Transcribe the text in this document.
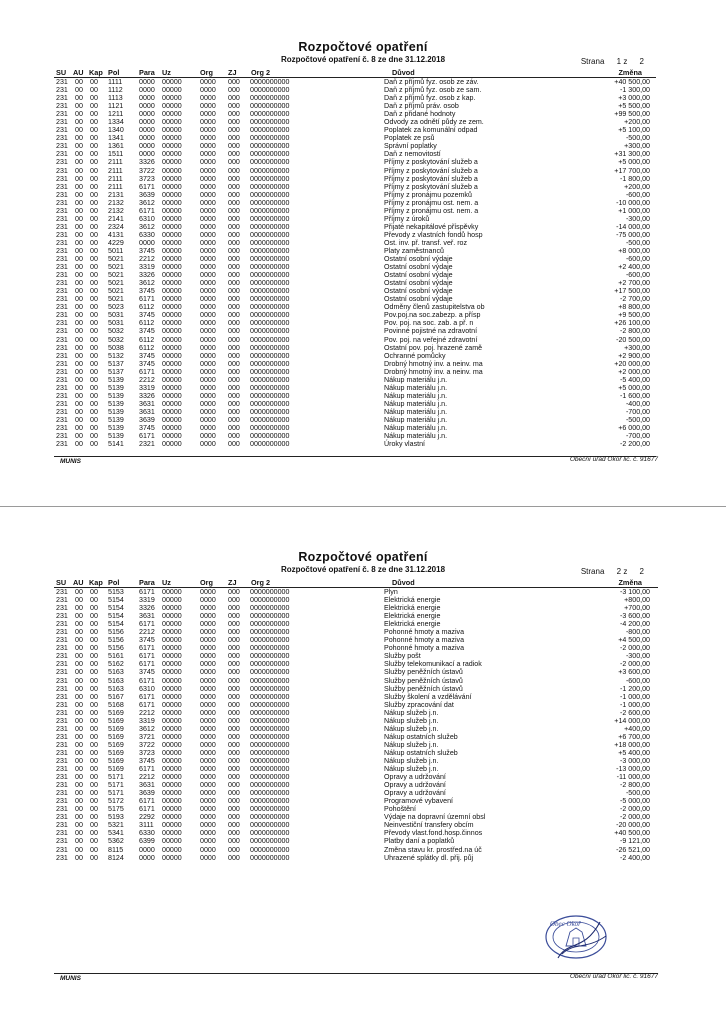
Rozpočtové opatření
Rozpočtové opatření č. 8 ze dne 31.12.2018	Strana 1 z 2
SU AU Kap Pol	Para Uz	Org ZJ Org 2	Důvod	Změna
231 00 00 1111 0000 00000	0000 000 0000000000	Daň z příjmů fyz. osob ze záv.	+40 500,00
231 00 00 1112 0000 00000	0000 000 0000000000	Daň z příjmů fyz. osob ze sam.	-1 300,00
231 00 00 1113 0000 00000	0000 000 0000000000	Daň z příjmů fyz. osob z kap.	+3 000,00
231 00 00 1121 0000 00000	0000 000 0000000000	Daň z příjmů práv. osob	+5 500,00
231 00 00 1211 0000 00000	0000 000 0000000000	Daň z přidané hodnoty	+99 500,00
231 00 00 1334 0000 00000	0000 000 0000000000	Odvody za odnětí půdy ze zem.	+200,00
231 00 00 1340 0000 00000	0000 000 0000000000	Poplatek za komunální odpad	+5 100,00
231 00 00 1341 0000 00000	0000 000 0000000000	Poplatek ze psů	-500,00
231 00 00 1361 0000 00000	0000 000 0000000000	Správní poplatky	+300,00
231 00 00 1511 0000 00000	0000 000 0000000000	Daň z nemovitostí	+31 300,00
231 00 00 2111 3326 00000	0000 000 0000000000	Příjmy z poskytování služeb a	+5 000,00
231 00 00 2111 3722 00000	0000 000 0000000000	Příjmy z poskytování služeb a	+17 700,00
231 00 00 2111 3723 00000	0000 000 0000000000	Příjmy z poskytování služeb a	-1 800,00
231 00 00 2111 6171 00000	0000 000 0000000000	Příjmy z poskytování služeb a	+200,00
231 00 00 2131 3639 00000	0000 000 0000000000	Příjmy z pronájmu pozemků	-600,00
231 00 00 2132 3612 00000	0000 000 0000000000	Příjmy z pronájmu ost. nem. a	-10 000,00
231 00 00 2132 6171 00000	0000 000 0000000000	Příjmy z pronájmu ost. nem. a	+1 000,00
231 00 00 2141 6310 00000	0000 000 0000000000	Příjmy z úroků	-300,00
231 00 00 2324 3612 00000	0000 000 0000000000	Přijaté nekapitálové příspěvky	-14 000,00
231 00 00 4131 6330 00000	0000 000 0000000000	Převody z vlastních fondů hosp	-75 000,00
231 00 00 4229 0000 00000	0000 000 0000000000	Ost. inv. př. transf. veř. roz	-500,00
231 00 00 5011 3745 00000	0000 000 0000000000	Platy zaměstnanců	+8 000,00
231 00 00 5021 2212 00000	0000 000 0000000000	Ostatní osobní výdaje	-600,00
231 00 00 5021 3319 00000	0000 000 0000000000	Ostatní osobní výdaje	+2 400,00
231 00 00 5021 3326 00000	0000 000 0000000000	Ostatní osobní výdaje	-600,00
231 00 00 5021 3612 00000	0000 000 0000000000	Ostatní osobní výdaje	+2 700,00
231 00 00 5021 3745 00000	0000 000 0000000000	Ostatní osobní výdaje	+17 500,00
231 00 00 5021 6171 00000	0000 000 0000000000	Ostatní osobní výdaje	-2 700,00
231 00 00 5023 6112 00000	0000 000 0000000000	Odměny členů zastupitelstva ob	+8 800,00
231 00 00 5031 3745 00000	0000 000 0000000000	Pov.poj.na soc.zabezp. a přísp	+9 500,00
231 00 00 5031 6112 00000	0000 000 0000000000	Pov. poj. na soc. zab. a př. n	+26 100,00
231 00 00 5032 3745 00000	0000 000 0000000000	Povinné pojistné na zdravotní	-2 800,00
231 00 00 5032 6112 00000	0000 000 0000000000	Pov. poj. na veřejné zdravotní	-20 500,00
231 00 00 5038 6112 00000	0000 000 0000000000	Ostatní pov. poj. hrazené zamě	+300,00
231 00 00 5132 3745 00000	0000 000 0000000000	Ochranné pomůcky	+2 900,00
231 00 00 5137 3745 00000	0000 000 0000000000	Drobný hmotný inv. a neinv. ma	+20 000,00
231 00 00 5137 6171 00000	0000 000 0000000000	Drobný hmotný inv. a neinv. ma	+2 000,00
231 00 00 5139 2212 00000	0000 000 0000000000	Nákup materiálu j.n.	-5 400,00
231 00 00 5139 3319 00000	0000 000 0000000000	Nákup materiálu j.n.	+5 000,00
231 00 00 5139 3326 00000	0000 000 0000000000	Nákup materiálu j.n.	-1 600,00
231 00 00 5139 3631 00000	0000 000 0000000000	Nákup materiálu j.n.	-400,00
231 00 00 5139 3631 00000	0000 000 0000000000	Nákup materiálu j.n.	-700,00
231 00 00 5139 3639 00000	0000 000 0000000000	Nákup materiálu j.n.	-500,00
231 00 00 5139 3745 00000	0000 000 0000000000	Nákup materiálu j.n.	+6 000,00
231 00 00 5139 6171 00000	0000 000 0000000000	Nákup materiálu j.n.	-700,00
231 00 00 5141 2321 00000	0000 000 0000000000	Úroky vlastní	-2 200,00
MUNIS	Obecní úřad Okoř lic. č. 91677
Rozpočtové opatření
Rozpočtové opatření č. 8 ze dne 31.12.2018	Strana 2 z 2
SU AU Kap Pol	Para Uz	Org ZJ Org 2	Důvod	Změna
231 00 00 5153 6171 00000	0000 000 0000000000	Plyn	-3 100,00
231 00 00 5154 3319 00000	0000 000 0000000000	Elektrická energie	+800,00
231 00 00 5154 3326 00000	0000 000 0000000000	Elektrická energie	+700,00
231 00 00 5154 3631 00000	0000 000 0000000000	Elektrická energie	-3 600,00
231 00 00 5154 6171 00000	0000 000 0000000000	Elektrická energie	-4 200,00
231 00 00 5156 2212 00000	0000 000 0000000000	Pohonné hmoty a maziva	-800,00
231 00 00 5156 3745 00000	0000 000 0000000000	Pohonné hmoty a maziva	+4 500,00
231 00 00 5156 6171 00000	0000 000 0000000000	Pohonné hmoty a maziva	-2 000,00
231 00 00 5161 6171 00000	0000 000 0000000000	Služby pošt	-300,00
231 00 00 5162 6171 00000	0000 000 0000000000	Služby telekomunikací a radiok	-2 000,00
231 00 00 5163 3745 00000	0000 000 0000000000	Služby peněžních ústavů	+3 600,00
231 00 00 5163 6171 00000	0000 000 0000000000	Služby peněžních ústavů	-600,00
231 00 00 5163 6310 00000	0000 000 0000000000	Služby peněžních ústavů	-1 200,00
231 00 00 5167 6171 00000	0000 000 0000000000	Služby školení a vzdělávání	-1 000,00
231 00 00 5168 6171 00000	0000 000 0000000000	Služby zpracování dat	-1 000,00
231 00 00 5169 2212 00000	0000 000 0000000000	Nákup služeb j.n.	-2 600,00
231 00 00 5169 3319 00000	0000 000 0000000000	Nákup služeb j.n.	+14 000,00
231 00 00 5169 3612 00000	0000 000 0000000000	Nákup služeb j.n.	+400,00
231 00 00 5169 3721 00000	0000 000 0000000000	Nákup ostatních služeb	+6 700,00
231 00 00 5169 3722 00000	0000 000 0000000000	Nákup služeb j.n.	+18 000,00
231 00 00 5169 3723 00000	0000 000 0000000000	Nákup ostatních služeb	+5 400,00
231 00 00 5169 3745 00000	0000 000 0000000000	Nákup služeb j.n.	-3 000,00
231 00 00 5169 6171 00000	0000 000 0000000000	Nákup služeb j.n.	-13 000,00
231 00 00 5171 2212 00000	0000 000 0000000000	Opravy a udržování	-11 000,00
231 00 00 5171 3631 00000	0000 000 0000000000	Opravy a udržování	-2 800,00
231 00 00 5171 3639 00000	0000 000 0000000000	Opravy a udržování	-500,00
231 00 00 5172 6171 00000	0000 000 0000000000	Programové vybavení	-5 000,00
231 00 00 5175 6171 00000	0000 000 0000000000	Pohoštění	-2 000,00
231 00 00 5193 2292 00000	0000 000 0000000000	Výdaje na dopravní územní obsl	-2 000,00
231 00 00 5321 3111 00000	0000 000 0000000000	Neinvestiční transfery obcím	-20 000,00
231 00 00 5341 6330 00000	0000 000 0000000000	Převody vlast.fond.hosp.činnos	+40 500,00
231 00 00 5362 6399 00000	0000 000 0000000000	Platby daní a poplatků	-9 121,00
231 00 00 8115 0000 00000	0000 000 0000000000	Změna stavu kr. prostřed.na úč	-26 521,00
231 00 00 8124 0000 00000	0000 000 0000000000	Uhrazené splátky dl. přij. půj	-2 400,00
MUNIS	Obecní úřad Okoř lic. č. 91677
Obec Okoř
